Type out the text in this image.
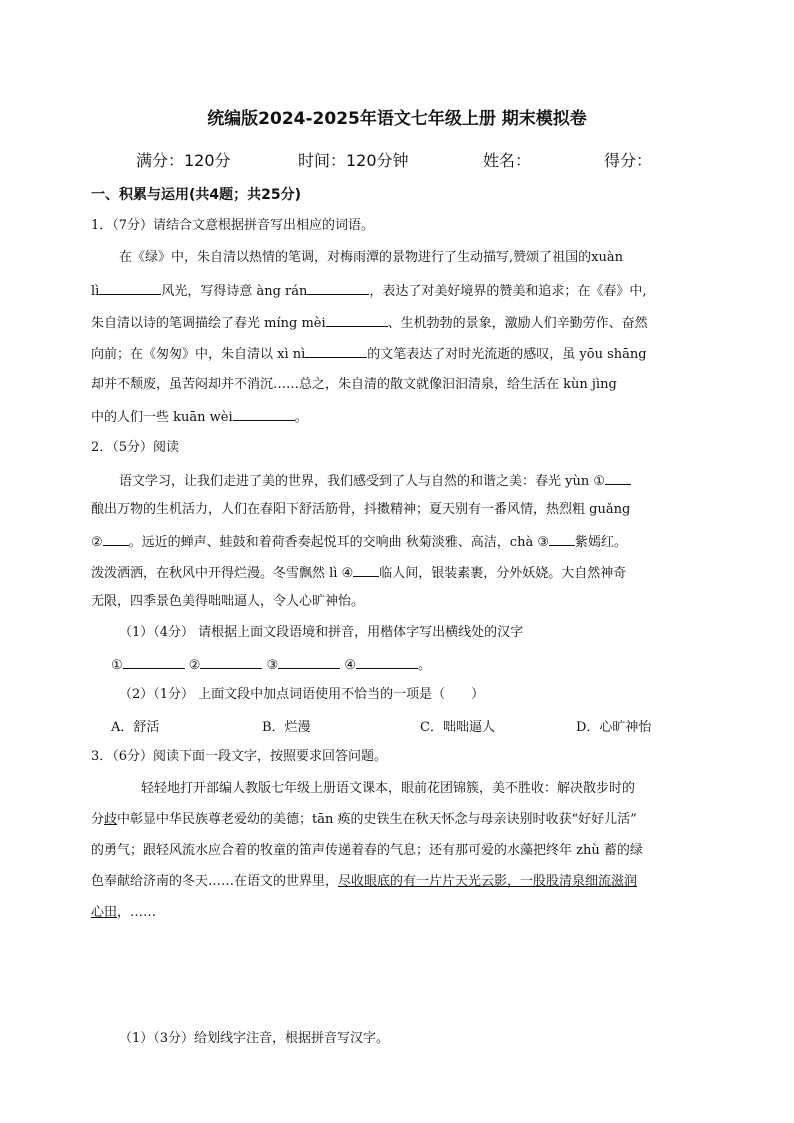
统编版2024-2025年语文七年级上册 期末模拟卷
满分：120分	时间：120分钟	姓名：	得分：
一、积累与运用(共4题；共25分)
1．（7分）请结合文意根据拼音写出相应的词语。
在《绿》中，朱自清以热情的笔调，对梅雨潭的景物进行了生动描写,赞颂了祖国的xuàn
lì	风光，写得诗意 àng rán	，表达了对美好境界的赞美和追求；在《春》中,
朱自清以诗的笔调描绘了春光 míng mèi	、生机勃勃的景象，激励人们辛勤劳作、奋然
向前；在《匆匆》中，朱自清以 xì nì	的文笔表达了对时光流逝的感叹，虽 yōu shāng
却并不颓废，虽苦闷却并不消沉……总之，朱自清的散文就像汩汩清泉，给生活在 kùn jìng
中的人们一些 kuān wèi	。
2．（5分）阅读
语文学习，让我们走进了美的世界，我们感受到了人与自然的和谐之美：春光 yùn ①
酿出万物的生机活力，人们在春阳下舒活筋骨，抖擞精神；夏天别有一番风情，热烈粗 guǎng
② 。远近的蝉声、蛙鼓和着荷香奏起悦耳的交响曲 秋菊淡雅、高洁，chà ③ 紫嫣红。
泼泼洒洒，在秋风中开得烂漫。冬雪飘然 lì ④ 临人间，银装素裹，分外妖娆。大自然神奇
无限，四季景色美得咄咄逼人，令人心旷神怡。
（1）（4分） 请根据上面文段语境和拼音，用楷体字写出横线处的汉字
①	②	③	④	。
（2）（1分） 上面文段中加点词语使用不恰当的一项是（　　）
A．舒活	B．烂漫	C．咄咄逼人	D．心旷神怡
3．（6分）阅读下面一段文字，按照要求回答问题。
轻轻地打开部编人教版七年级上册语文课本，眼前花团锦簇，美不胜收：解决散步时的
分歧中彰显中华民族尊老爱幼的美德；tān 痪的史铁生在秋天怀念与母亲诀别时收获“好好儿活”
的勇气；跟轻风流水应合着的牧童的笛声传递着春的气息；还有那可爱的水藻把终年 zhù 蓄的绿
色奉献给济南的冬天……在语文的世界里，尽收眼底的有一片片天光云影，一股股清泉细流滋润
心田，……
（1）（3分）给划线字注音，根据拼音写汉字。
